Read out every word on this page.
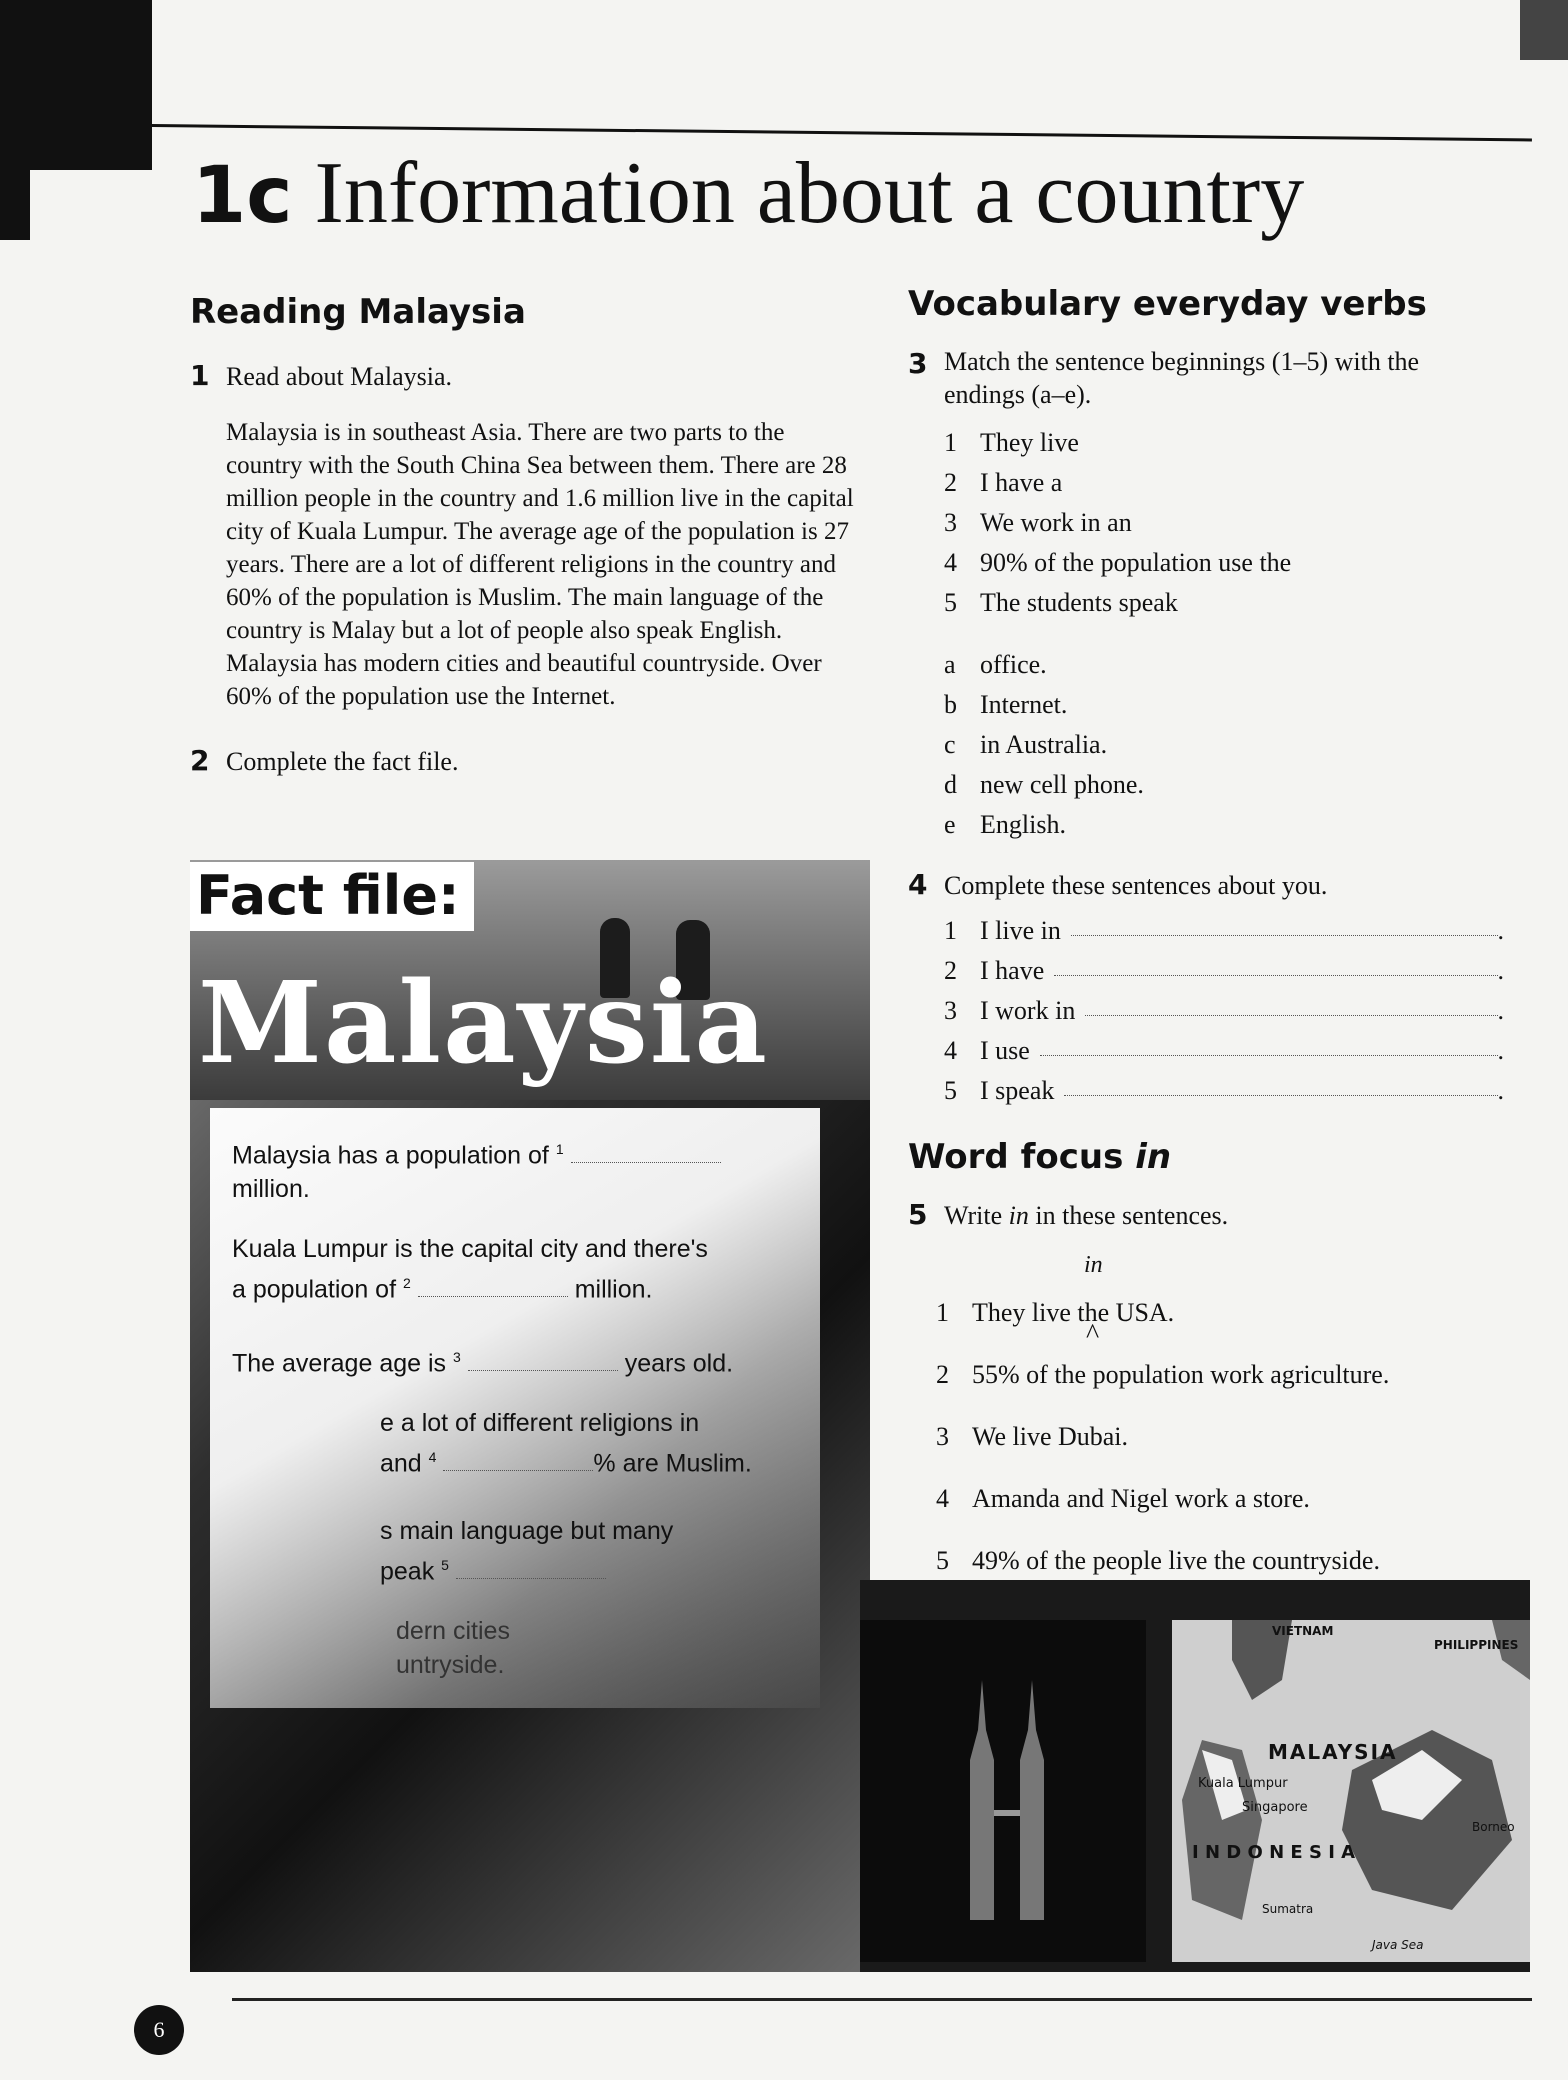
1c Information about a country
Reading Malaysia
1 Read about Malaysia.

Malaysia is in southeast Asia. There are two parts to the country with the South China Sea between them. There are 28 million people in the country and 1.6 million live in the capital city of Kuala Lumpur. The average age of the population is 27 years. There are a lot of different religions in the country and 60% of the population is Muslim. The main language of the country is Malay but a lot of people also speak English. Malaysia has modern cities and beautiful countryside. Over 60% of the population use the Internet.

2 Complete the fact file.
Fact file:
Malaysia
Malaysia has a population of $^1$
million.
Kuala Lumpur is the capital city and there's
a population of $^2$	million.
The average age is $^3$	years old.
e a lot of different religions in
and $^4$	% are Muslim.
s main language but many
peak $^5$
dern cities
untryside.
Vocabulary everyday verbs
3 Match the sentence beginnings (1–5) with the endings (a–e).
1 They live
2 I have a
3 We work in an
4 90% of the population use the
5 The students speak
a office.
b Internet.
c in Australia.
d new cell phone.
e English.
4 Complete these sentences about you.
1 I live in	.
2 I have	.
3 I work in	.
4 I use	.
5 I speak	.
Word focus in
5 Write in in these sentences.
in
1 They live the USA.
^
2 55% of the population work agriculture.
3 We live Dubai.
4 Amanda and Nigel work a store.
5 49% of the people live the countryside.
VIETNAM
PHILIPPINES
MALAYSIA
Kuala Lumpur
Singapore
I N D O N E S I A
Borneo
Sumatra
Java Sea
6
